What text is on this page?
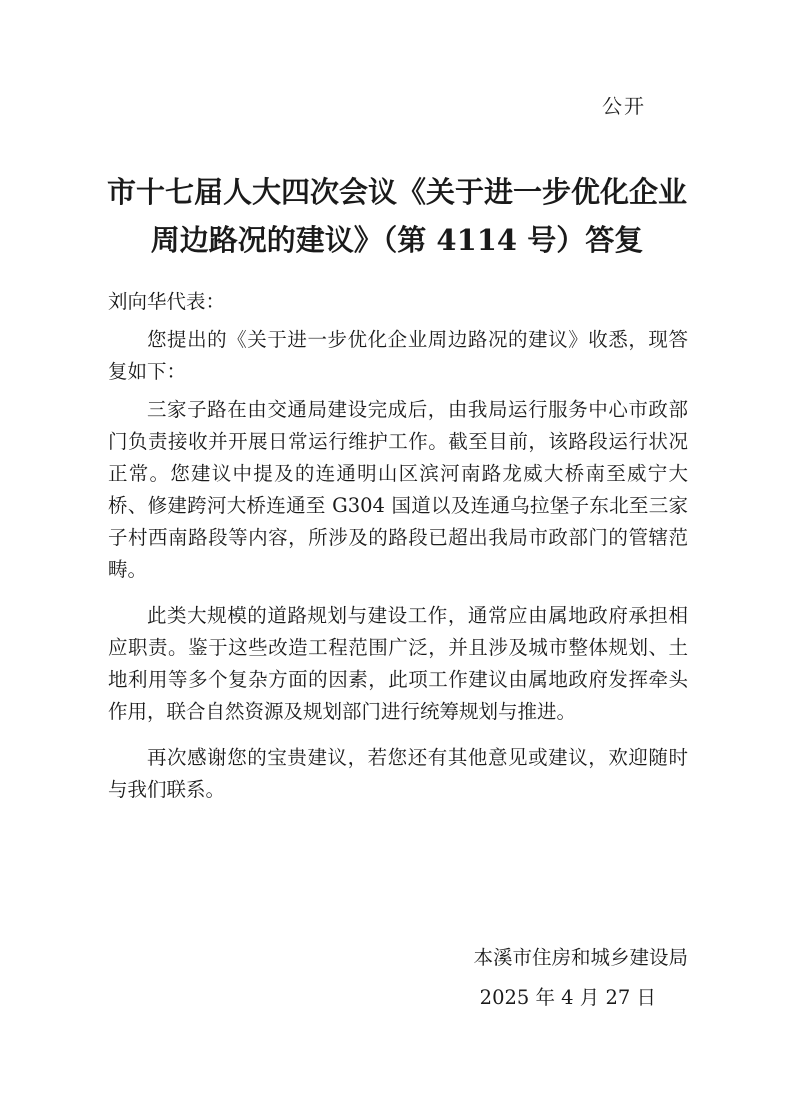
公开
市十七届人大四次会议《关于进一步优化企业
周边路况的建议》（第 4114 号）答复

刘向华代表：

您提出的《关于进一步优化企业周边路况的建议》收悉，现答复如下：

三家子路在由交通局建设完成后，由我局运行服务中心市政部门负责接收并开展日常运行维护工作。截至目前，该路段运行状况正常。您建议中提及的连通明山区滨河南路龙威大桥南至威宁大桥、修建跨河大桥连通至 G304 国道以及连通乌拉堡子东北至三家子村西南路段等内容，所涉及的路段已超出我局市政部门的管辖范畴。

此类大规模的道路规划与建设工作，通常应由属地政府承担相应职责。鉴于这些改造工程范围广泛，并且涉及城市整体规划、土地利用等多个复杂方面的因素，此项工作建议由属地政府发挥牵头作用，联合自然资源及规划部门进行统筹规划与推进。

再次感谢您的宝贵建议，若您还有其他意见或建议，欢迎随时与我们联系。

本溪市住房和城乡建设局
2025 年 4 月 27 日
